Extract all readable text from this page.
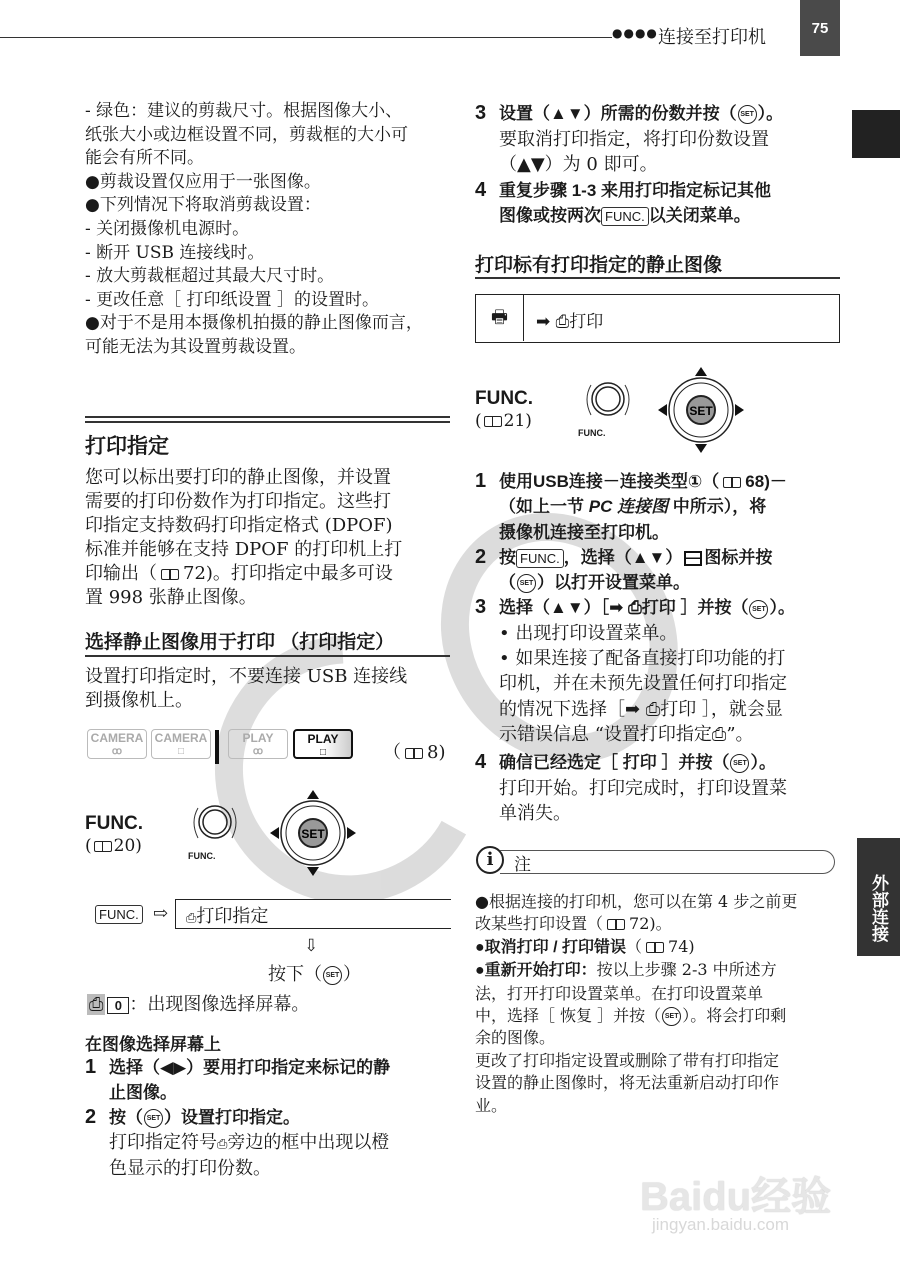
●●●● 连接至打印机	75
外部连接
- 绿色：建议的剪裁尺寸。根据图像大小、
纸张大小或边框设置不同，剪裁框的大小可
能会有所不同。
●剪裁设置仅应用于一张图像。
●下列情况下将取消剪裁设置：
- 关闭摄像机电源时。
- 断开 USB 连接线时。
- 放大剪裁框超过其最大尺寸时。
- 更改任意［ 打印纸设置 ］的设置时。
●对于不是用本摄像机拍摄的静止图像而言，
可能无法为其设置剪裁设置。
打印指定
您可以标出要打印的静止图像，并设置
需要的打印份数作为打印指定。这些打
印指定支持数码打印指定格式 (DPOF)
标准并能够在支持 DPOF 的打印机上打
印输出（ 72)。打印指定中最多可设
置 998 张静止图像。
选择静止图像用于打印 （打印指定）
设置打印指定时，不要连接 USB 连接线
到摄像机上。
CAMERA
ꝏ
CAMERA
□
PLAY
ꝏ
PLAY
□	（ 8)
FUNC.
( 20)	FUNC.
SET
FUNC. ⇨	⎙打印指定
⇩
按下（ SET ）
⎙ 0 ：出现图像选择屏幕。
在图像选择屏幕上
1 选择（◀▶）要用打印指定来标记的静
止图像。
2 按（ SET ）设置打印指定。
打印指定符号⎙旁边的框中出现以橙
色显示的打印份数。
3 设置（▲▼）所需的份数并按（ SET ）。
要取消打印指定，将打印份数设置
（▲▼）为 0 即可。
4 重复步骤 1-3 来用打印指定标记其他
图像或按两次 FUNC. 以关闭菜单。
打印标有打印指定的静止图像
🖶	➡ ⎙打印
FUNC.
( 21)
FUNC.
SET
1 使用USB连接－连接类型①（ 68)－
（如上一节 PC 连接图 中所示），将
摄像机连接至打印机。
2 按 FUNC. ，选择（▲▼） 图标并按
（ SET ）以打开设置菜单。
3 选择（▲▼）［➡ ⎙打印 ］并按（ SET ）。
• 出现打印设置菜单。
• 如果连接了配备直接打印功能的打
印机，并在未预先设置任何打印指定
的情况下选择［➡ ⎙打印 ］，就会显
示错误信息 “设置打印指定⎙”。
4 确信已经选定［ 打印 ］并按（ SET ）。
打印开始。打印完成时，打印设置菜
单消失。
i	注
●根据连接的打印机，您可以在第 4 步之前更
改某些打印设置（ 72)。
●取消打印 / 打印错误（ 74)
●重新开始打印：按以上步骤 2-3 中所述方
法，打开打印设置菜单。在打印设置菜单
中，选择［ 恢复 ］并按（ SET ）。将会打印剩
余的图像。
更改了打印指定设置或删除了带有打印指定
设置的静止图像时，将无法重新启动打印作
业。
Baidu经验
jingyan.baidu.com
